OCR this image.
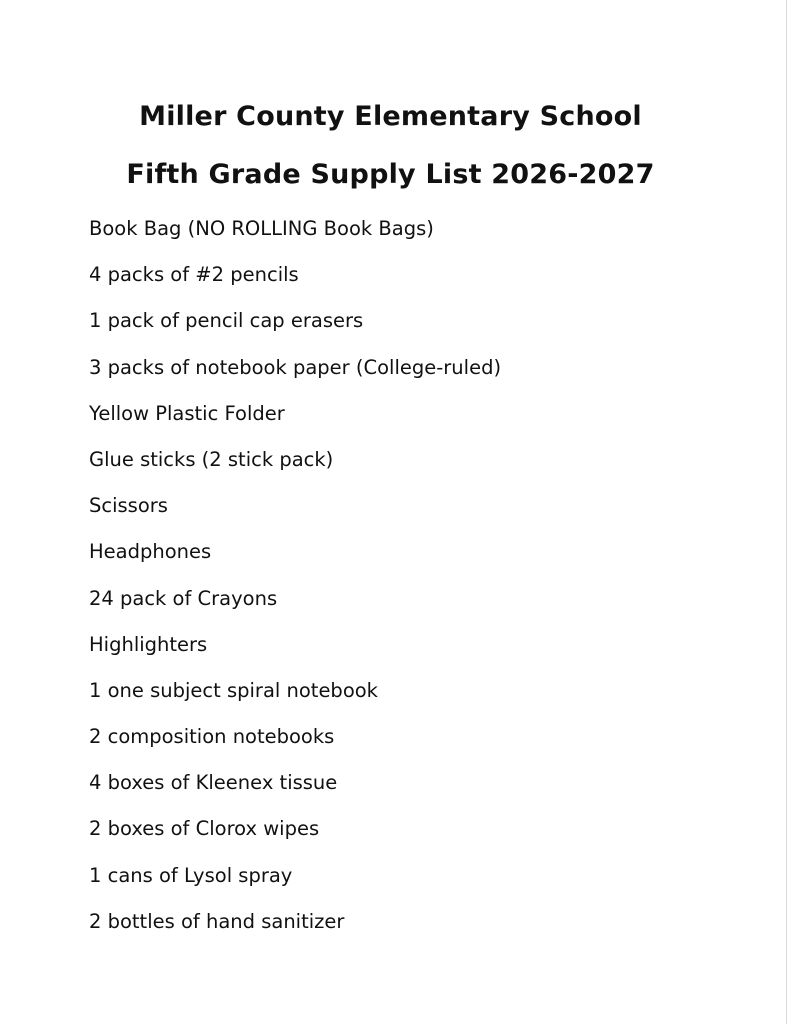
Miller County Elementary School
Fifth Grade Supply List 2026-2027
Book Bag (NO ROLLING Book Bags)
4 packs of #2 pencils
1 pack of pencil cap erasers
3 packs of notebook paper (College-ruled)
Yellow Plastic Folder
Glue sticks (2 stick pack)
Scissors
Headphones
24 pack of Crayons
Highlighters
1 one subject spiral notebook
2 composition notebooks
4 boxes of Kleenex tissue
2 boxes of Clorox wipes
1 cans of Lysol spray
2 bottles of hand sanitizer
